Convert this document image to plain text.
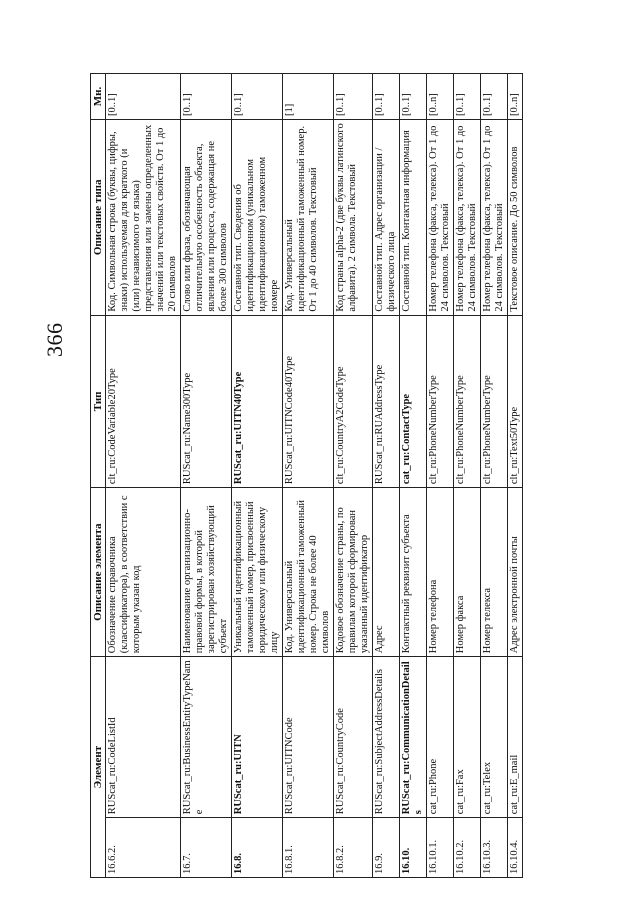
366
Элемент		Описание элемента	Тип	Описание типа	Мн.
16.6.2.	RUScat_ru:CodeListId	Обозначение справочника (классификатора), в соответствии с которым указан код	clt_ru:CodeVariable20Type	Код. Символьная строка (буквы, цифры, знаки) используемая для краткого (и (или) независимого от языка) представления или замены определенных значений или текстовых свойств. От 1 до 20 символов	[0..1]
16.7.	RUScat_ru:BusinessEntityTypeName	Наименование организационно-правовой формы, в которой зарегистрирован хозяйствующий субъект	RUScat_ru:Name300Type	Слово или фраза, обозначающая отличительную особенность объекта, явления или процесса, содержащая не более 300 символов	[0..1]
16.8.	RUScat_ru:UITN	Уникальный идентификационный таможенный номер, присвоенный юридическому или физическому лицу	RUScat_ru:UITN40Type	Составной тип. Сведения об идентификационном (уникальном идентификационном) таможенном номере	[0..1]
16.8.1.	RUScat_ru:UITNCode	Код. Универсальный идентификационный таможенный номер. Строка не более 40 символов	RUScat_ru:UITNCode40Type	Код. Универсальный идентификационный таможенный номер. От 1 до 40 символов. Текстовый	[1]
16.8.2.	RUScat_ru:CountryCode	Кодовое обозначение страны, по правилам которой сформирован указанный идентификатор	clt_ru:CountryA2CodeType	Код страны alpha-2 (две буквы латинского алфавита). 2 символа. Текстовый	[0..1]
16.9.	RUScat_ru:SubjectAddressDetails	Адрес	RUScat_ru:RUAddressType	Составной тип. Адрес организации / физического лица	[0..1]
16.10.	RUScat_ru:CommunicationDetails	Контактный реквизит субъекта	cat_ru:ContactType	Составной тип. Контактная информация	[0..1]
16.10.1.	cat_ru:Phone	Номер телефона	clt_ru:PhoneNumberType	Номер телефона (факса, телекса). От 1 до 24 символов. Текстовый	[0..n]
16.10.2.	cat_ru:Fax	Номер факса	clt_ru:PhoneNumberType	Номер телефона (факса, телекса). От 1 до 24 символов. Текстовый	[0..1]
16.10.3.	cat_ru:Telex	Номер телекса	clt_ru:PhoneNumberType	Номер телефона (факса, телекса). От 1 до 24 символов. Текстовый	[0..1]
16.10.4.	cat_ru:E_mail	Адрес электронной почты	clt_ru:Text50Type	Текстовое описание. До 50 символов	[0..n]
